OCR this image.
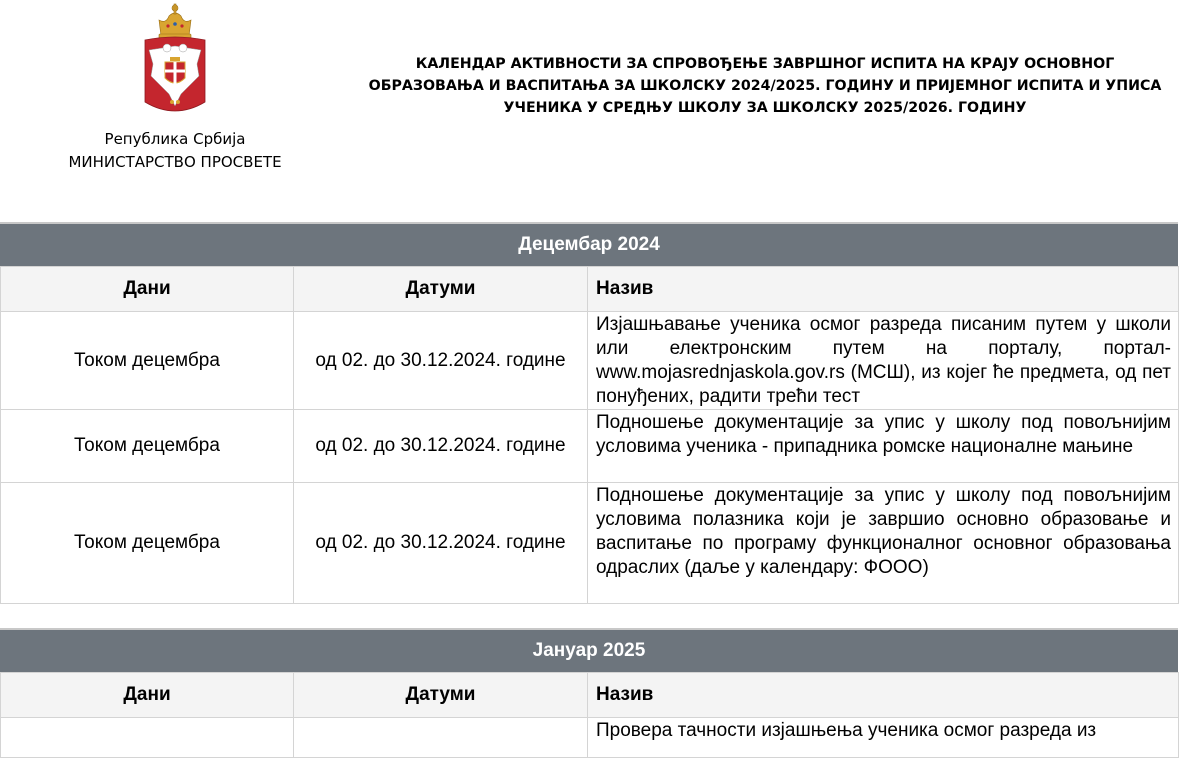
Република Србија
МИНИСТАРСТВО ПРОСВЕТЕ
КАЛЕНДАР АКТИВНОСТИ ЗА СПРОВОЂЕЊЕ ЗАВРШНОГ ИСПИТА НА КРАЈУ ОСНОВНОГ
ОБРАЗОВАЊА И ВАСПИТАЊА ЗА ШКОЛСКУ 2024/2025. ГОДИНУ И ПРИЈЕМНОГ ИСПИТА И УПИСА
УЧЕНИКА У СРЕДЊУ ШКОЛУ ЗА ШКОЛСКУ 2025/2026. ГОДИНУ
Децембар 2024
Дани	Датуми	Назив
Током децембра	од 02. до 30.12.2024. године	Изјашњавање ученика осмог разреда писаним путем у школи или електронским путем на порталу, портал- www.mojasrednjaskola.gov.rs (МСШ), из којег ће предмета, од пет понуђених, радити трећи тест
Током децембра	од 02. до 30.12.2024. године	Подношење документације за упис у школу под повољнијим условима ученика - припадника ромске националне мањине
Током децембра	од 02. до 30.12.2024. године	Подношење документације за упис у школу под повољнијим условима полазника који је завршио основно образовање и васпитање по програму функционалног основног образовања одраслих (даље у календару: ФООО)
Јануар 2025
Дани	Датуми	Назив
		Провера тачности изјашњења ученика осмог разреда из
